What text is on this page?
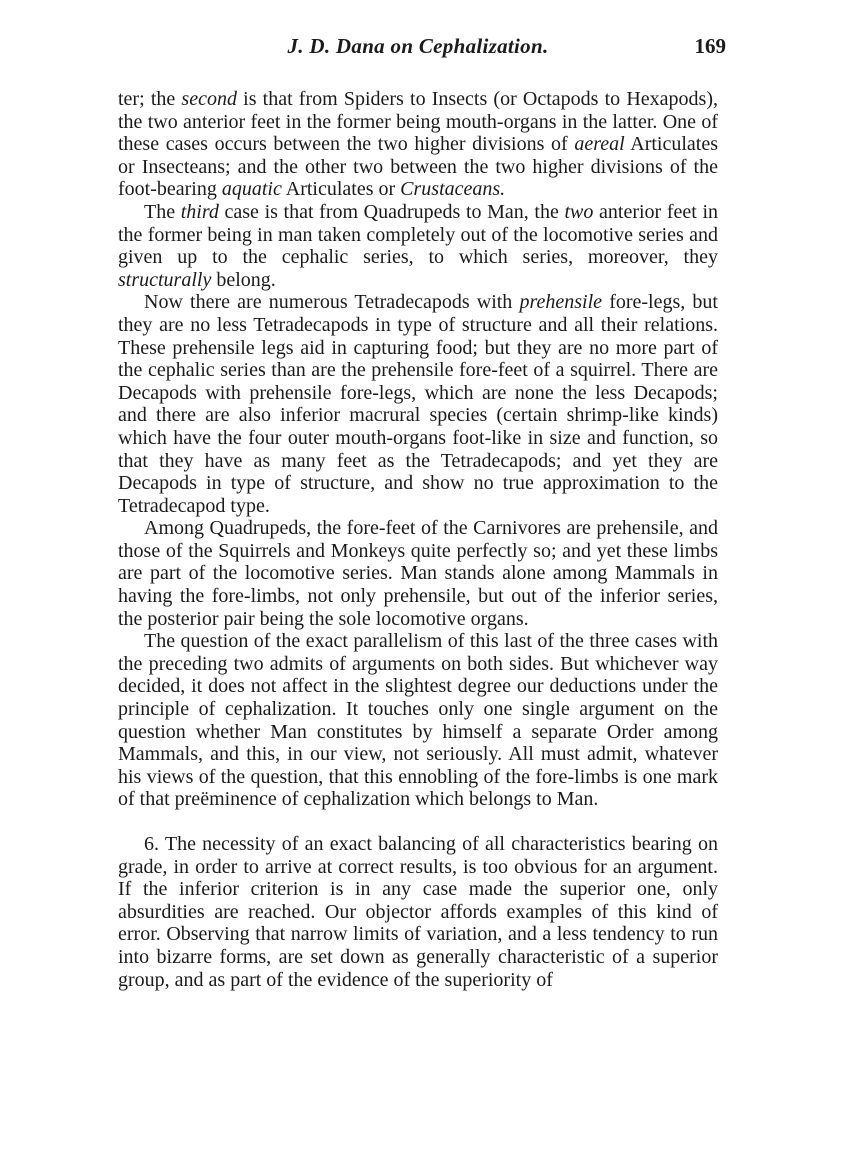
J. D. Dana on Cephalization.	169

ter; the second is that from Spiders to Insects (or Octapods to Hexapods), the two anterior feet in the former being mouth-organs in the latter. One of these cases occurs between the two higher divisions of aereal Articulates or Insecteans; and the other two between the two higher divisions of the foot-bearing aquatic Articulates or Crustaceans.

The third case is that from Quadrupeds to Man, the two anterior feet in the former being in man taken completely out of the locomotive series and given up to the cephalic series, to which series, moreover, they structurally belong.

Now there are numerous Tetradecapods with prehensile fore-legs, but they are no less Tetradecapods in type of structure and all their relations. These prehensile legs aid in capturing food; but they are no more part of the cephalic series than are the prehensile fore-feet of a squirrel. There are Decapods with prehensile fore-legs, which are none the less Decapods; and there are also inferior macrural species (certain shrimp-like kinds) which have the four outer mouth-organs foot-like in size and function, so that they have as many feet as the Tetradecapods; and yet they are Decapods in type of structure, and show no true approximation to the Tetradecapod type.

Among Quadrupeds, the fore-feet of the Carnivores are prehensile, and those of the Squirrels and Monkeys quite perfectly so; and yet these limbs are part of the locomotive series. Man stands alone among Mammals in having the fore-limbs, not only prehensile, but out of the inferior series, the posterior pair being the sole locomotive organs.

The question of the exact parallelism of this last of the three cases with the preceding two admits of arguments on both sides. But whichever way decided, it does not affect in the slightest degree our deductions under the principle of cephalization. It touches only one single argument on the question whether Man constitutes by himself a separate Order among Mammals, and this, in our view, not seriously. All must admit, whatever his views of the question, that this ennobling of the fore-limbs is one mark of that preëminence of cephalization which belongs to Man.

6. The necessity of an exact balancing of all characteristics bearing on grade, in order to arrive at correct results, is too obvious for an argument. If the inferior criterion is in any case made the superior one, only absurdities are reached. Our objector affords examples of this kind of error. Observing that narrow limits of variation, and a less tendency to run into bizarre forms, are set down as generally characteristic of a superior group, and as part of the evidence of the superiority of
